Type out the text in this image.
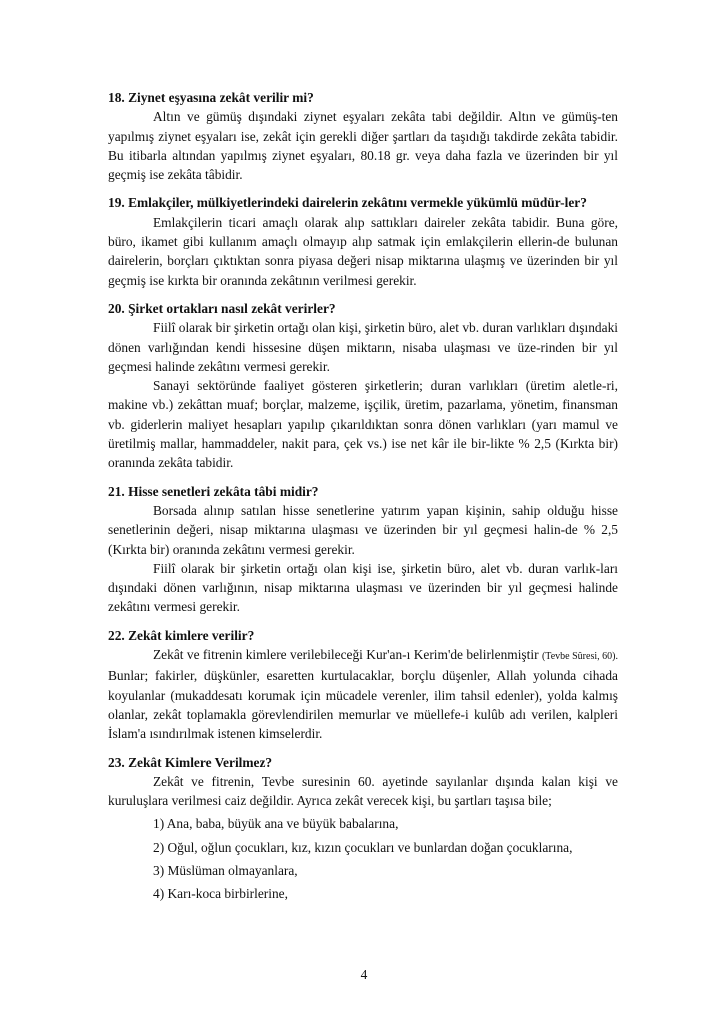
18. Ziynet eşyasına zekât verilir mi?

Altın ve gümüş dışındaki ziynet eşyaları zekâta tabi değildir. Altın ve gümüş-ten yapılmış ziynet eşyaları ise, zekât için gerekli diğer şartları da taşıdığı takdirde zekâta tabidir. Bu itibarla altından yapılmış ziynet eşyaları, 80.18 gr. veya daha fazla ve üzerinden bir yıl geçmiş ise zekâta tâbidir.

19. Emlakçiler, mülkiyetlerindeki dairelerin zekâtını vermekle yükümlü müdür-ler?

Emlakçilerin ticari amaçlı olarak alıp sattıkları daireler zekâta tabidir. Buna göre, büro, ikamet gibi kullanım amaçlı olmayıp alıp satmak için emlakçilerin ellerin-de bulunan dairelerin, borçları çıktıktan sonra piyasa değeri nisap miktarına ulaşmış ve üzerinden bir yıl geçmiş ise kırkta bir oranında zekâtının verilmesi gerekir.

20. Şirket ortakları nasıl zekât verirler?

Fiilî olarak bir şirketin ortağı olan kişi, şirketin büro, alet vb. duran varlıkları dışındaki dönen varlığından kendi hissesine düşen miktarın, nisaba ulaşması ve üze-rinden bir yıl geçmesi halinde zekâtını vermesi gerekir.

Sanayi sektöründe faaliyet gösteren şirketlerin; duran varlıkları (üretim aletle-ri, makine vb.) zekâttan muaf; borçlar, malzeme, işçilik, üretim, pazarlama, yönetim, finansman vb. giderlerin maliyet hesapları yapılıp çıkarıldıktan sonra dönen varlıkları (yarı mamul ve üretilmiş mallar, hammaddeler, nakit para, çek vs.) ise net kâr ile bir-likte % 2,5 (Kırkta bir) oranında zekâta tabidir.

21. Hisse senetleri zekâta tâbi midir?

Borsada alınıp satılan hisse senetlerine yatırım yapan kişinin, sahip olduğu hisse senetlerinin değeri, nisap miktarına ulaşması ve üzerinden bir yıl geçmesi halin-de % 2,5 (Kırkta bir) oranında zekâtını vermesi gerekir.

Fiilî olarak bir şirketin ortağı olan kişi ise, şirketin büro, alet vb. duran varlık-ları dışındaki dönen varlığının, nisap miktarına ulaşması ve üzerinden bir yıl geçmesi halinde zekâtını vermesi gerekir.

22. Zekât kimlere verilir?

Zekât ve fitrenin kimlere verilebileceği Kur'an-ı Kerim'de belirlenmiştir (Tevbe Sûresi, 60). Bunlar; fakirler, düşkünler, esaretten kurtulacaklar, borçlu düşenler, Allah yolunda cihada koyulanlar (mukaddesatı korumak için mücadele verenler, ilim tahsil edenler), yolda kalmış olanlar, zekât toplamakla görevlendirilen memurlar ve müellefe-i kulûb adı verilen, kalpleri İslam'a ısındırılmak istenen kimselerdir.

23. Zekât Kimlere Verilmez?

Zekât ve fitrenin, Tevbe suresinin 60. ayetinde sayılanlar dışında kalan kişi ve kuruluşlara verilmesi caiz değildir. Ayrıca zekât verecek kişi, bu şartları taşısa bile;

1) Ana, baba, büyük ana ve büyük babalarına,

2) Oğul, oğlun çocukları, kız, kızın çocukları ve bunlardan doğan çocuklarına,

3) Müslüman olmayanlara,

4) Karı-koca birbirlerine,

4
